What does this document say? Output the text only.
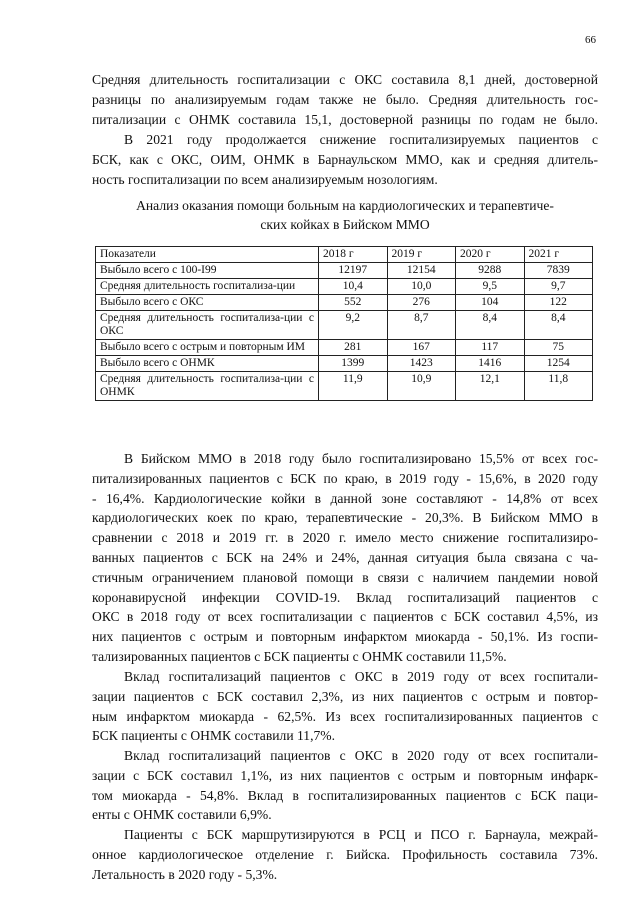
66
Средняя длительность госпитализации с ОКС составила 8,1 дней, достоверной
разницы по анализируемым годам также не было. Средняя длительность гос-
питализации с ОНМК составила 15,1, достоверной разницы по годам не было.
В 2021 году продолжается снижение госпитализируемых пациентов с
БСК, как с ОКС, ОИМ, ОНМК в Барнаульском ММО, как и средняя длитель-
ность госпитализации по всем анализируемым нозологиям.
Анализ оказания помощи больным на кардиологических и терапевтиче-
ских койках в Бийском ММО
Показатели	2018 г	2019 г	2020 г	2021 г
Выбыло всего с 100-I99	12197	12154	9288	7839
Средняя длительность госпитализа-ции	10,4	10,0	9,5	9,7
Выбыло всего с ОКС	552	276	104	122
Средняя длительность госпитализа-ции с ОКС	9,2	8,7	8,4	8,4
Выбыло всего с острым и повторным ИМ	281	167	117	75
Выбыло всего с ОНМК	1399	1423	1416	1254
Средняя длительность госпитализа-ции с ОНМК	11,9	10,9	12,1	11,8
В Бийском ММО в 2018 году было госпитализировано 15,5% от всех гос-
питализированных пациентов с БСК по краю, в 2019 году - 15,6%, в 2020 году
- 16,4%. Кардиологические койки в данной зоне составляют - 14,8% от всех
кардиологических коек по краю, терапевтические - 20,3%. В Бийском ММО в
сравнении с 2018 и 2019 гг. в 2020 г. имело место снижение госпитализиро-
ванных пациентов с БСК на 24% и 24%, данная ситуация была связана с ча-
стичным ограничением плановой помощи в связи с наличием пандемии новой
коронавирусной инфекции COVID-19. Вклад госпитализаций пациентов с
ОКС в 2018 году от всех госпитализации с пациентов с БСК составил 4,5%, из
них пациентов с острым и повторным инфарктом миокарда - 50,1%. Из госпи-
тализированных пациентов с БСК пациенты с ОНМК составили 11,5%.
Вклад госпитализаций пациентов с ОКС в 2019 году от всех госпитали-
зации пациентов с БСК составил 2,3%, из них пациентов с острым и повтор-
ным инфарктом миокарда - 62,5%. Из всех госпитализированных пациентов с
БСК пациенты с ОНМК составили 11,7%.
Вклад госпитализаций пациентов с ОКС в 2020 году от всех госпитали-
зации с БСК составил 1,1%, из них пациентов с острым и повторным инфарк-
том миокарда - 54,8%. Вклад в госпитализированных пациентов с БСК паци-
енты с ОНМК составили 6,9%.
Пациенты с БСК маршрутизируются в РСЦ и ПСО г. Барнаула, межрай-
онное кардиологическое отделение г. Бийска. Профильность составила 73%.
Летальность в 2020 году - 5,3%.
